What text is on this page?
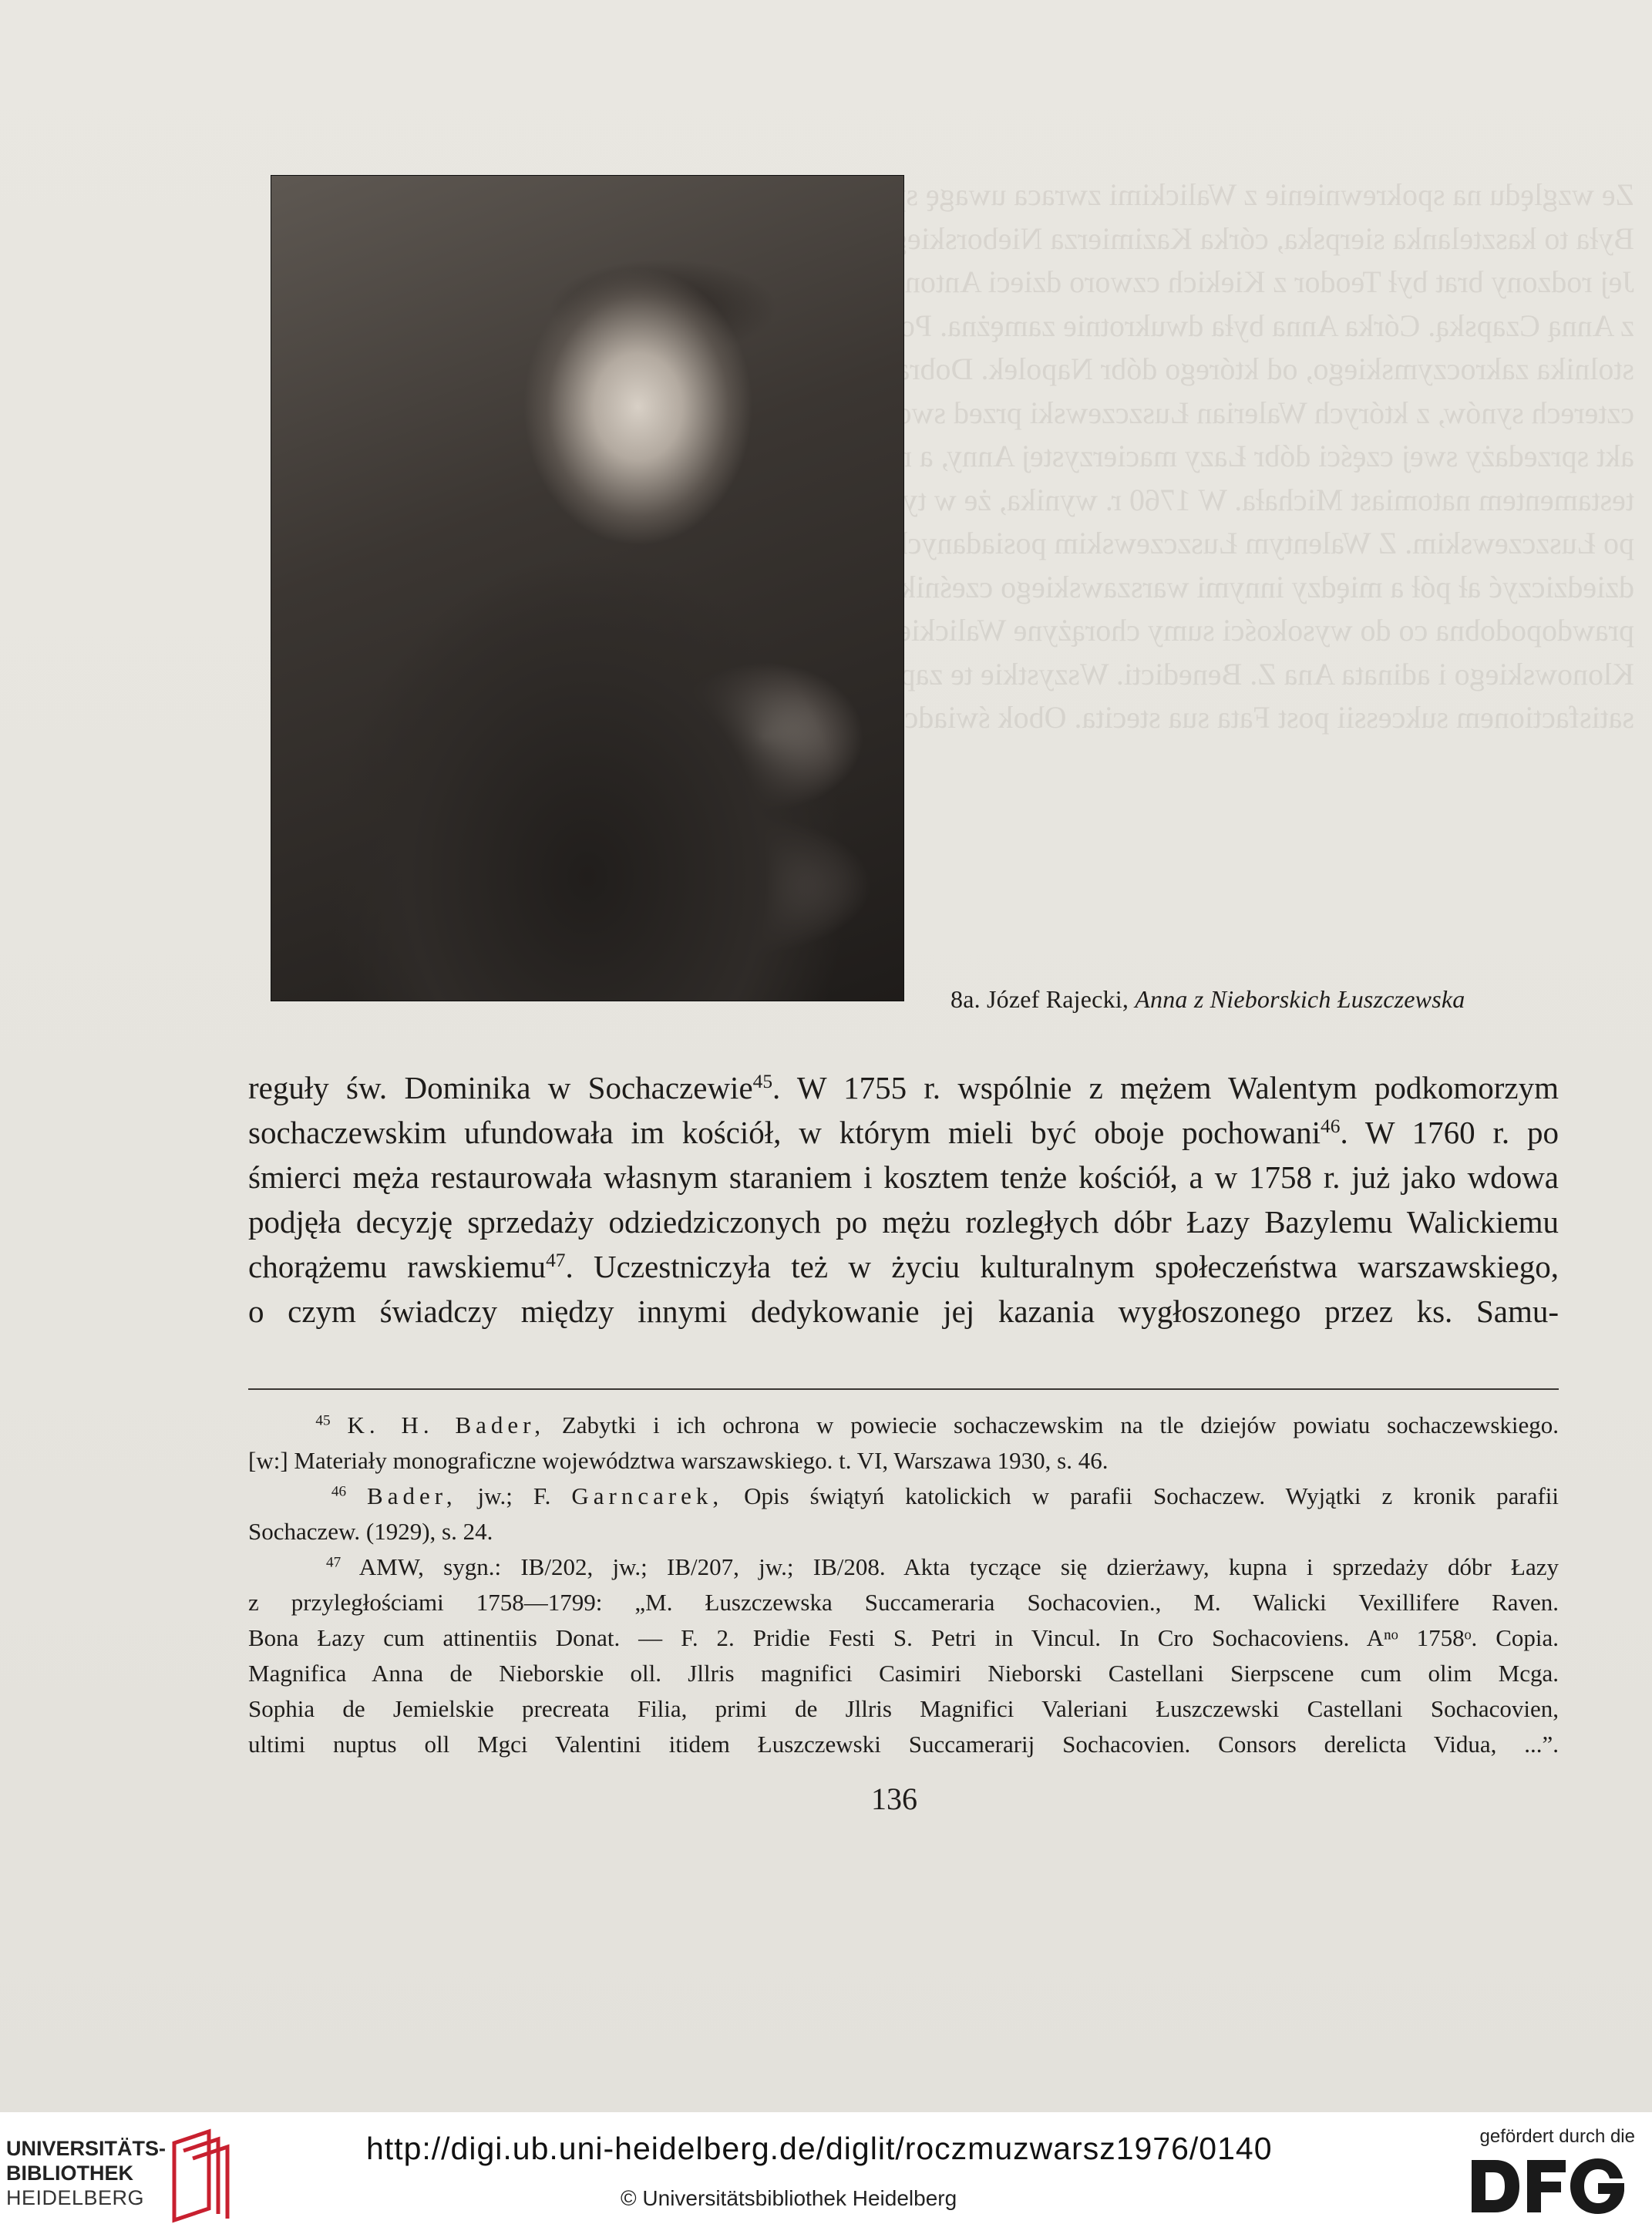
Ze względu na spokrewnienie z Walickimi zwraca uwagę spośród innych członków tej rodziny
Była to kasztelanka sierpska, córka Kazimierza Nieborskiego i Zofii z Jemielskich Nieborskiej
Jej rodzony brat był Teodor z Kiekich czworo dzieci Antoniego wojsk koronnych ożenionego
z Anną Czapską. Córka Anna była dwukrotnie zamężna. Po raz pierwszy wyszła za Łuszczewskiego
stolnika zakroczymskiego, od którego dóbr Napolek. Dobra te oddane były Michałowi
czterech synów, z których Walerian Łuszczewski przed swoją śmiercią napisał 10 marca tegoż roku
akt sprzedaży swej części dóbr Łazy macierzystej Anny, a następnie potwierdził w czerwcu 1757 r.
testamentem natomiast Michała. W 1760 r. wynika, że w tymże roku Anna wyszła ponownie
po Łuszczewskim. Z Walentym Łuszczewskim posiadanych sum, które ofiarowywała braniecom
dziedziczyć ał pół a między innymi warszawskiego cześnika inowrocławskiego, ktoś
prawdopodobna co do wysokości sumy chorążyne Walickiej tychże, że pod względem opieki brata Bogusława
Klonowskiego i adinata Ana Z. Benedicti. Wszystkie te zapisy z tytułu opiekunów
satisfactionem sukcessii post Fata sua stecita. Obok świadczeń rodzinnych była Anna Łusz-
8a. Józef Rajecki, Anna z Nieborskich Łuszczewska
reguły św. Dominika w Sochaczewie$^{45}$. W 1755 r. wspólnie z mężem Walentym podkomorzym
sochaczewskim ufundowała im kościół, w którym mieli być oboje pochowani$^{46}$. W 1760 r. po
śmierci męża restaurowała własnym staraniem i kosztem tenże kościół, a w 1758 r. już jako wdowa
podjęła decyzję sprzedaży odziedziczonych po mężu rozległych dóbr Łazy Bazylemu Walickiemu
chorążemu rawskiemu$^{47}$. Uczestniczyła też w życiu kulturalnym społeczeństwa warszawskiego,
o czym świadczy między innymi dedykowanie jej kazania wygłoszonego przez ks. Samu-
$^{45}$ K. H. Bader, Zabytki i ich ochrona w powiecie sochaczewskim na tle dziejów powiatu sochaczewskiego.
[w:] Materiały monograficzne województwa warszawskiego. t. VI, Warszawa 1930, s. 46.
$^{46}$ Bader, jw.; F. Garncarek, Opis świątyń katolickich w parafii Sochaczew. Wyjątki z kronik parafii
Sochaczew. (1929), s. 24.
$^{47}$ AMW, sygn.: IB/202, jw.; IB/207, jw.; IB/208. Akta tyczące się dzierżawy, kupna i sprzedaży dóbr Łazy
z przyległościami 1758—1799: „M. Łuszczewska Succameraria Sochacovien., M. Walicki Vexillifere Raven.
Bona Łazy cum attinentiis Donat. — F. 2. Pridie Festi S. Petri in Vincul. In Cro Sochacoviens. Aⁿᵒ 1758ᵒ. Copia.
Magnifica Anna de Nieborskie oll. Jllris magnifici Casimiri Nieborski Castellani Sierpscene cum olim Mcga.
Sophia de Jemielskie precreata Filia, primi de Jllris Magnifici Valeriani Łuszczewski Castellani Sochacovien,
ultimi nuptus oll Mgci Valentini itidem Łuszczewski Succamerarij Sochacovien. Consors derelicta Vidua, ...”.
136
UNIVERSITÄTS-
BIBLIOTHEK
HEIDELBERG
http://digi.ub.uni-heidelberg.de/diglit/roczmuzwarsz1976/0140
© Universitätsbibliothek Heidelberg
gefördert durch die
